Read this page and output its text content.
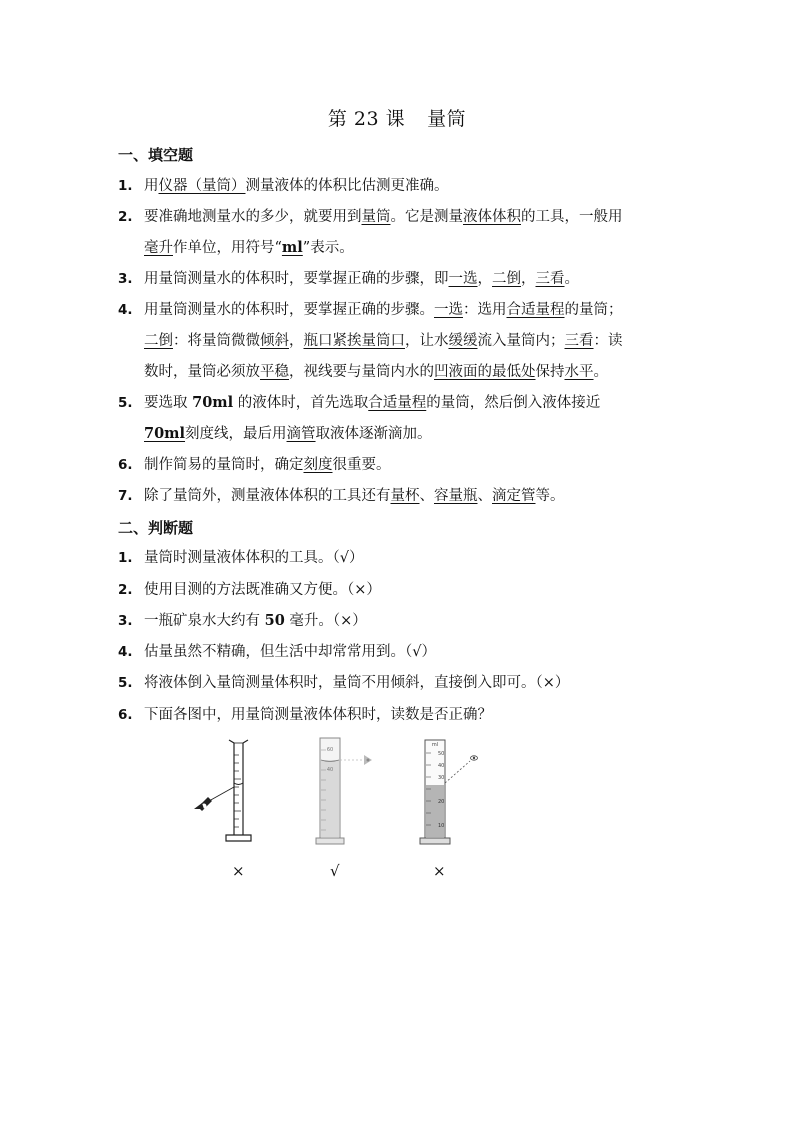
第 23 课 量筒
一、填空题
1. 用仪器（量筒）测量液体的体积比估测更准确。
2. 要准确地测量水的多少，就要用到量筒。它是测量液体体积的工具，一般用
毫升作单位，用符号“ml”表示。
3. 用量筒测量水的体积时，要掌握正确的步骤，即一选，二倒，三看。
4. 用量筒测量水的体积时，要掌握正确的步骤。一选：选用合适量程的量筒；
二倒：将量筒微微倾斜，瓶口紧挨量筒口，让水缓缓流入量筒内；三看：读
数时，量筒必须放平稳，视线要与量筒内水的凹液面的最低处保持水平。
5. 要选取 70ml 的液体时，首先选取合适量程的量筒，然后倒入液体接近
70ml刻度线，最后用滴管取液体逐渐滴加。
6. 制作简易的量筒时，确定刻度很重要。
7. 除了量筒外，测量液体体积的工具还有量杯、容量瓶、滴定管等。
二、判断题
1. 量筒时测量液体体积的工具。（√）
2. 使用目测的方法既准确又方便。（×）
3. 一瓶矿泉水大约有 50 毫升。（×）
4. 估量虽然不精确，但生活中却常常用到。（√）
5. 将液体倒入量筒测量体积时，量筒不用倾斜，直接倒入即可。（×）
6. 下面各图中，用量筒测量液体体积时，读数是否正确？
60
40
ml
50
40
30
20
10
×	√	×
